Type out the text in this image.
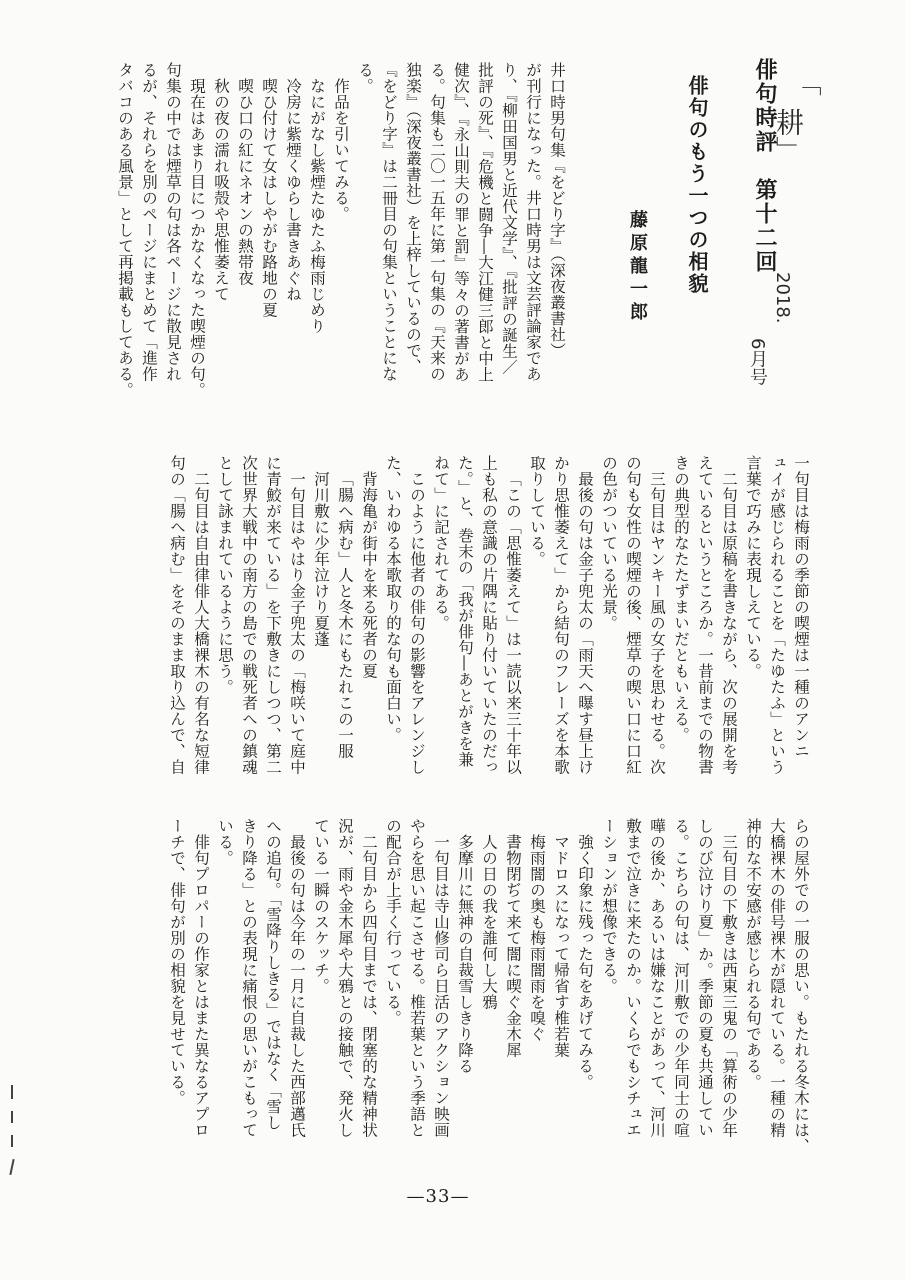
俳句時評　第十二回
俳句のもう一つの相貌
藤原龍一郎
「
耕」
2018.
6月号

井口時男句集『をどり字』（深夜叢書社）

が刊行になった。井口時男は文芸評論家であ

り、『柳田国男と近代文学』、『批評の誕生／

批評の死』、『危機と闘争―大江健三郎と中上

健次』、『永山則夫の罪と罰』等々の著書があ

る。句集も二〇一五年に第一句集の『天来の

独楽』（深夜叢書社）を上梓しているので、

『をどり字』は二冊目の句集ということにな

る。

作品を引いてみる。

なにがなし紫煙たゆたふ梅雨じめり

冷房に紫煙くゆらし書きあぐね

喫ひ付けて女はしやがむ路地の夏

喫ひ口の紅にネオンの熱帯夜

秋の夜の濡れ吸殻や思惟萎えて

現在はあまり目につかなくなった喫煙の句。

句集の中では煙草の句は各ページに散見され

るが、それらを別のページにまとめて「進作

タバコのある風景」として再掲載もしてある。

一句目は梅雨の季節の喫煙は一種のアンニ

ュイが感じられることを「たゆたふ」という

言葉で巧みに表現しえている。

二句目は原稿を書きながら、次の展開を考

えているというところか。一昔前までの物書

きの典型的なたたずまいだともいえる。

三句目はヤンキー風の女子を思わせる。次

の句も女性の喫煙の後、煙草の喫い口に口紅

の色がついている光景。

最後の句は金子兜太の「雨天へ曝す昼上け

かり思惟萎えて」から結句のフレーズを本歌

取りしている。

「この「思惟萎えて」は一読以来三十年以

上も私の意識の片隅に貼り付いていたのだっ

た。」と、巻末の「我が俳句―あとがきを兼

ねて」に記されてある。

このように他者の俳句の影響をアレンジし

た、いわゆる本歌取り的な句も面白い。

背海亀が街中を来る死者の夏

「腸へ病む」人と冬木にもたれこの一服

河川敷に少年泣けり夏蓬

一句目はやはり金子兜太の「梅咲いて庭中

に青鮫が来ている」を下敷きにしつつ、第二

次世界大戦中の南方の島での戦死者への鎮魂

として詠まれているように思う。

二句目は自由律俳人大橋裸木の有名な短律

句の「腸へ病む」をそのまま取り込んで、自

らの屋外での一服の思い。もたれる冬木には、

大橋裸木の俳号裸木が隠れている。一種の精

神的な不安感が感じられる句である。

三句目の下敷きは西東三鬼の「算術の少年

しのび泣けり夏」か。季節の夏も共通してい

る。こちらの句は、河川敷での少年同士の喧

嘩の後か、あるいは嫌なことがあって、河川

敷まで泣きに来たのか。いくらでもシチュエ

ーションが想像できる。

強く印象に残った句をあげてみる。

マドロスになって帰省す椎若葉

梅雨闇の奥も梅雨闇雨を嗅ぐ

書物閉ぢて来て闇に喫ぐ金木犀

人の日の我を誰何し大鴉

多摩川に無神の自裁雪しきり降る

一句目は寺山修司ら日活のアクション映画

やらを思い起こさせる。椎若葉という季語と

の配合が上手く行っている。

二句目から四句目までは、閉塞的な精神状

況が、雨や金木犀や大鴉との接触で、発火し

ている一瞬のスケッチ。

最後の句は今年の一月に自裁した西部邁氏

への追句。「雪降りしきる」ではなく「雪し

きり降る」との表現に痛恨の思いがこもって

いる。

俳句プロパーの作家とはまた異なるアプロ

ーチで、俳句が別の相貌を見せている。

—33—
